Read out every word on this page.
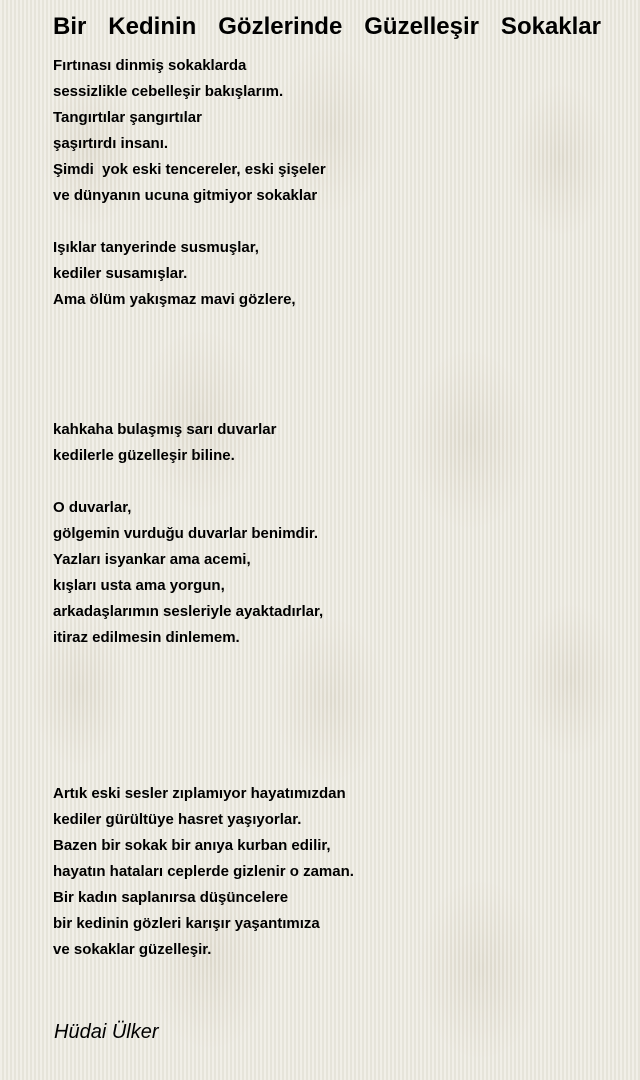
Bir Kedinin Gözlerinde Güzelleşir Sokaklar
Fırtınası dinmiş sokaklarda
sessizlikle cebelleşir bakışlarım.
Tangırtılar şangırtılar
şaşırtırdı insanı.
Şimdi  yok eski tencereler, eski şişeler
ve dünyanın ucuna gitmiyor sokaklar
Işıklar tanyerinde susmuşlar,
kediler susamışlar.
Ama ölüm yakışmaz mavi gözlere,
kahkaha bulaşmış sarı duvarlar
kedilerle güzelleşir biline.
O duvarlar,
gölgemin vurduğu duvarlar benimdir.
Yazları isyankar ama acemi,
kışları usta ama yorgun,
arkadaşlarımın sesleriyle ayaktadırlar,
itiraz edilmesin dinlemem.
Artık eski sesler zıplamıyor hayatımızdan
kediler gürültüye hasret yaşıyorlar.
Bazen bir sokak bir anıya kurban edilir,
hayatın hataları ceplerde gizlenir o zaman.
Bir kadın saplanırsa düşüncelere
bir kedinin gözleri karışır yaşantımıza
ve sokaklar güzelleşir.
Hüdai Ülker
